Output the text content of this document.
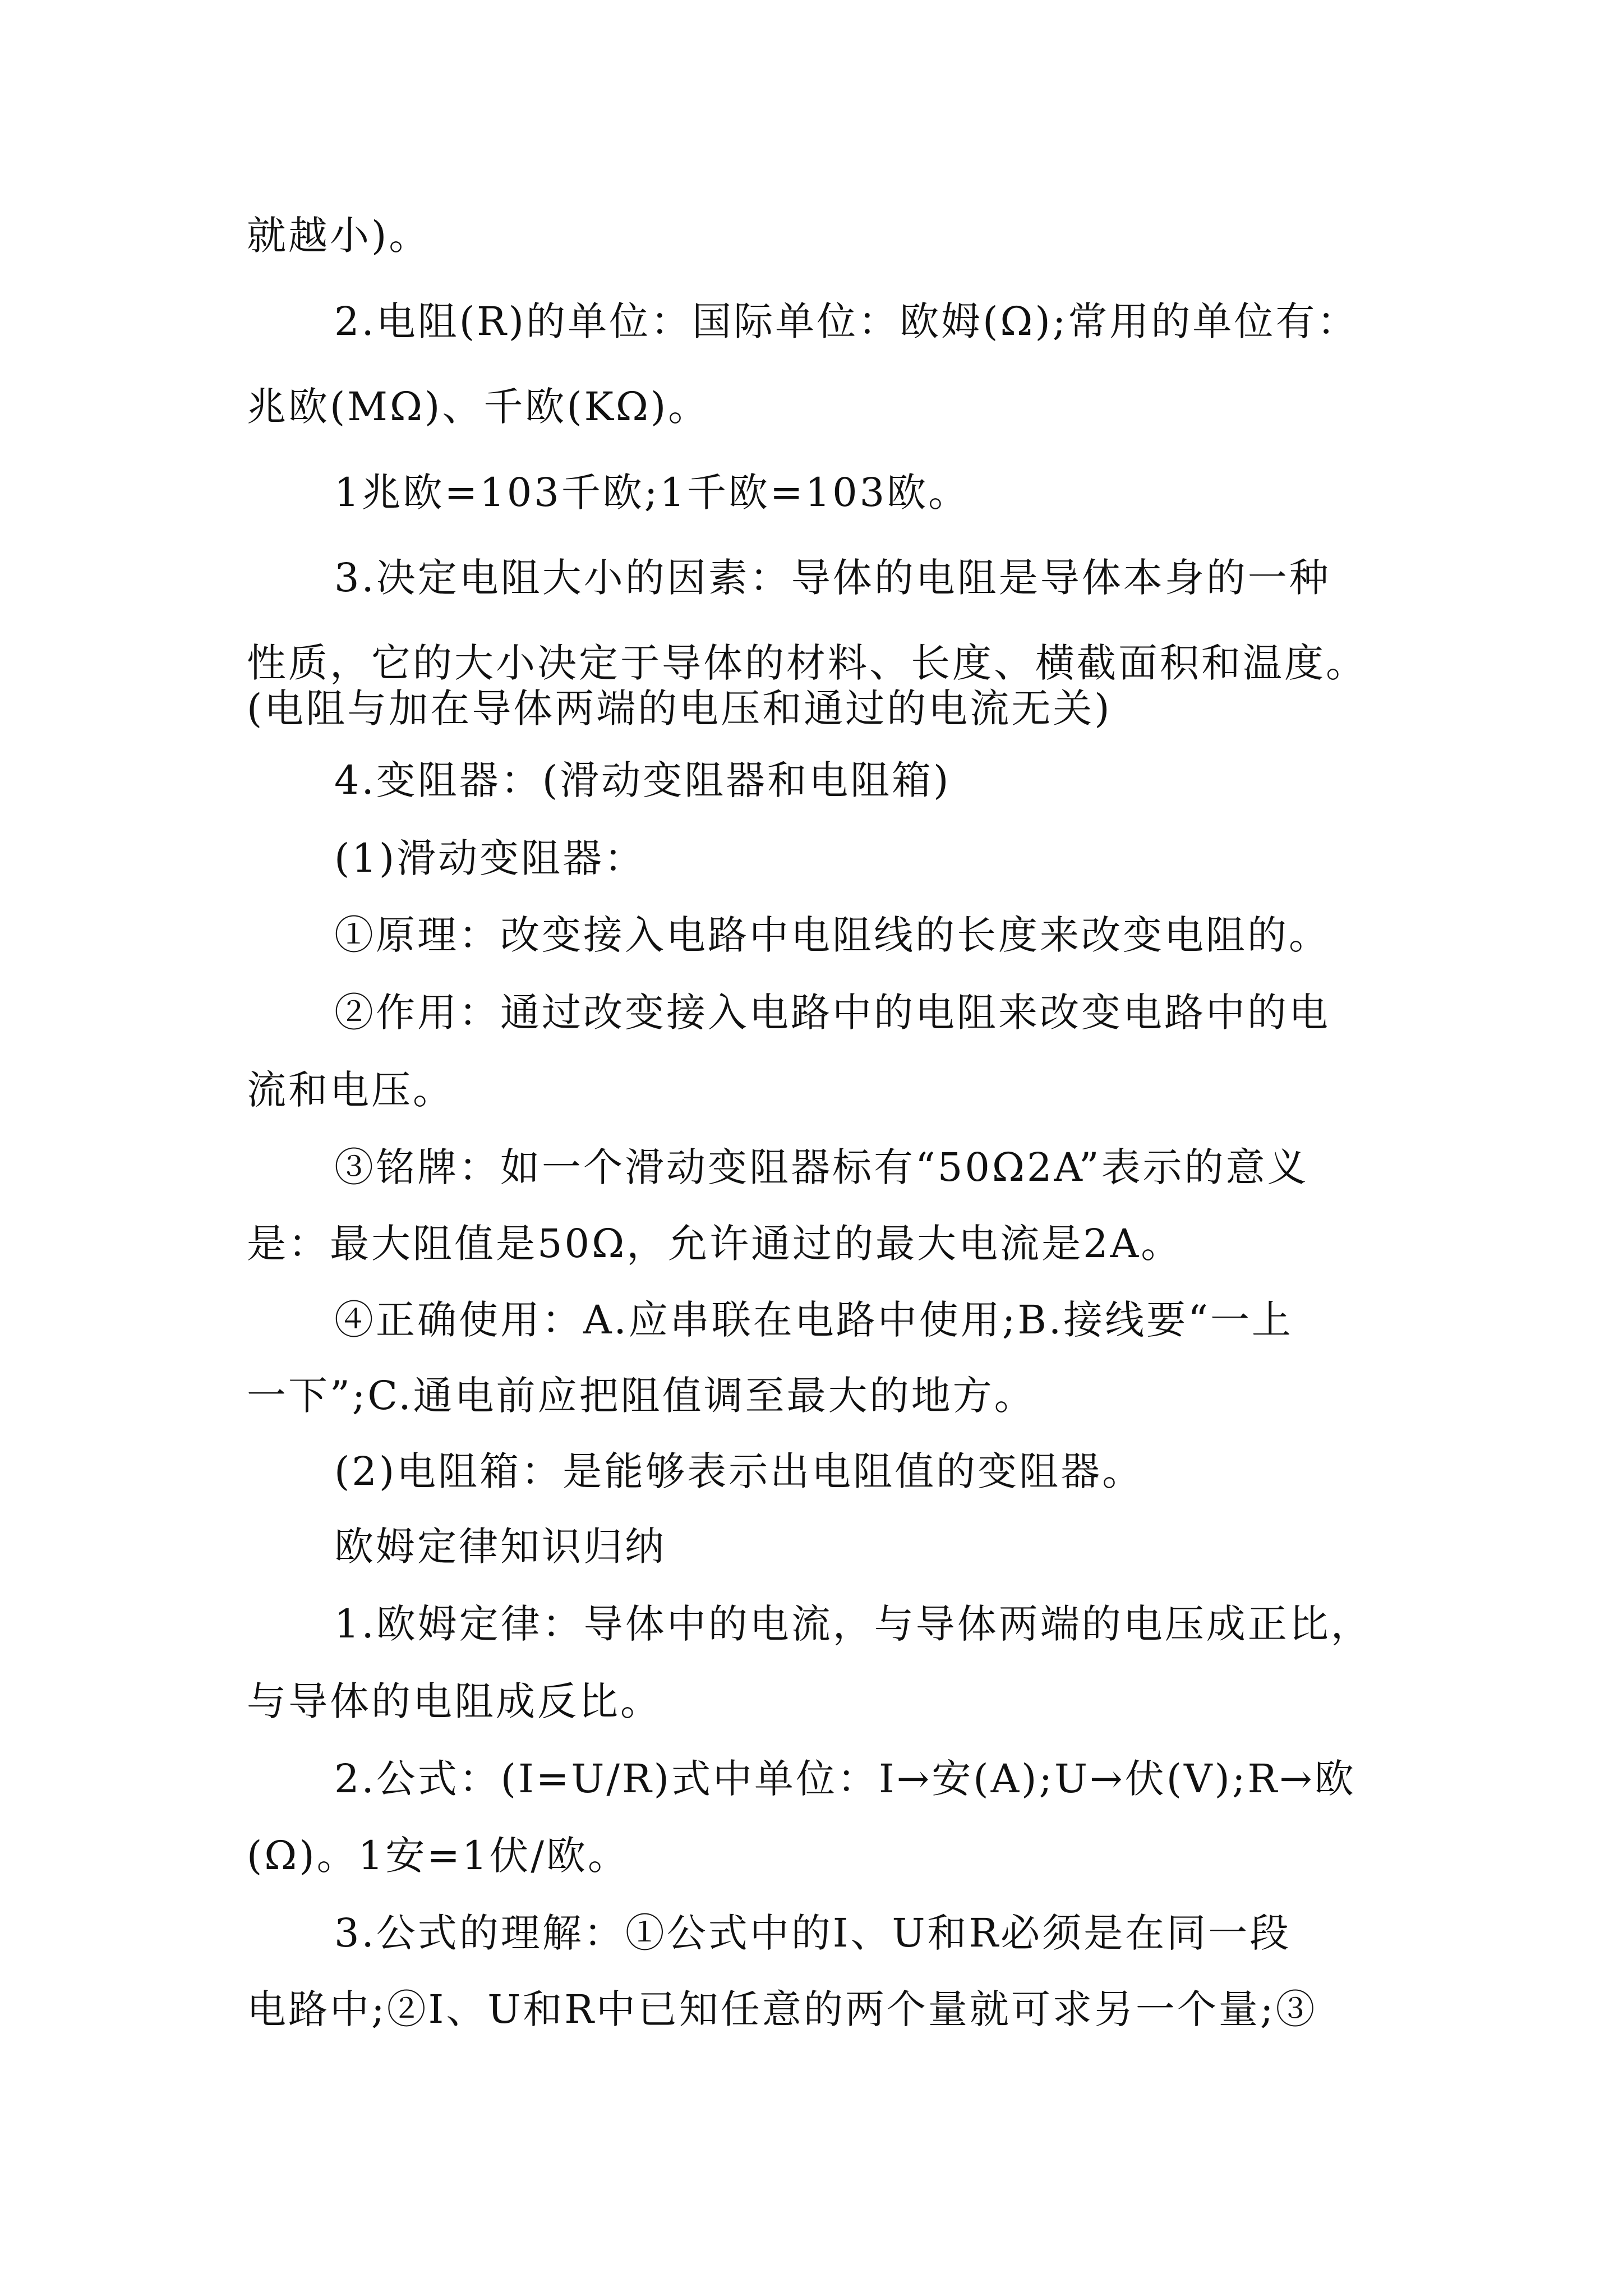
就越小)。
2.电阻(R)的单位：国际单位：欧姆(Ω);常用的单位有：
兆欧(MΩ)、千欧(KΩ)。
1兆欧=103千欧;1千欧=103欧。
3.决定电阻大小的因素：导体的电阻是导体本身的一种
性质，它的大小决定于导体的材料、长度、横截面积和温度。
(电阻与加在导体两端的电压和通过的电流无关)
4.变阻器：(滑动变阻器和电阻箱)
(1)滑动变阻器：
①原理：改变接入电路中电阻线的长度来改变电阻的。
②作用：通过改变接入电路中的电阻来改变电路中的电
流和电压。
③铭牌：如一个滑动变阻器标有“50Ω2A”表示的意义
是：最大阻值是50Ω，允许通过的最大电流是2A。
④正确使用：A.应串联在电路中使用;B.接线要“一上
一下”;C.通电前应把阻值调至最大的地方。
(2)电阻箱：是能够表示出电阻值的变阻器。
欧姆定律知识归纳
1.欧姆定律：导体中的电流，与导体两端的电压成正比，
与导体的电阻成反比。
2.公式：(I=U/R)式中单位：I→安(A);U→伏(V);R→欧
(Ω)。1安=1伏/欧。
3.公式的理解：①公式中的I、U和R必须是在同一段
电路中;②I、U和R中已知任意的两个量就可求另一个量;③
